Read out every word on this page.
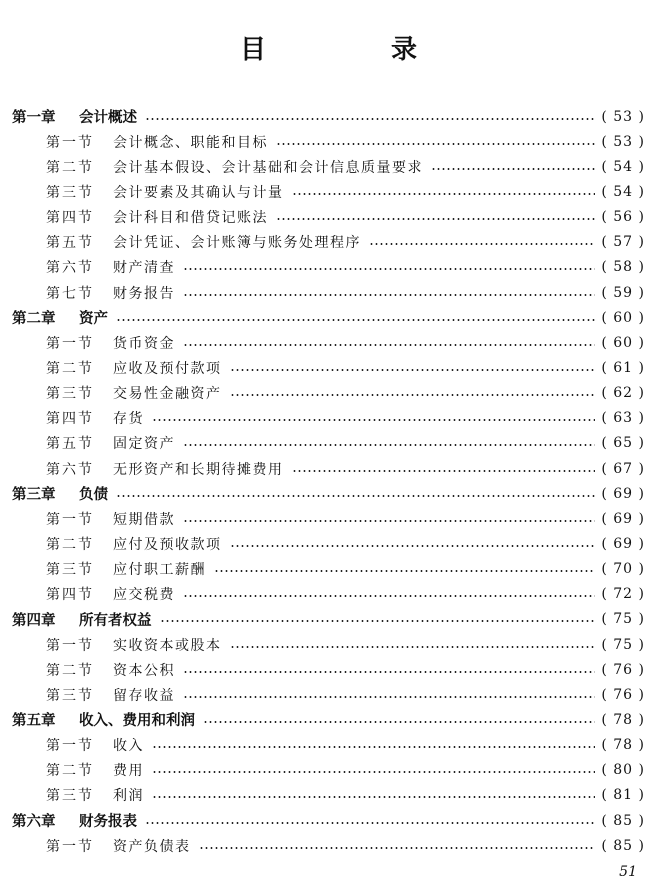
目 录
第一章	会计概述	( 53 )
第一节	会计概念、职能和目标	( 53 )
第二节	会计基本假设、会计基础和会计信息质量要求	( 54 )
第三节	会计要素及其确认与计量	( 54 )
第四节	会计科目和借贷记账法	( 56 )
第五节	会计凭证、会计账簿与账务处理程序	( 57 )
第六节	财产清查	( 58 )
第七节	财务报告	( 59 )
第二章	资产	( 60 )
第一节	货币资金	( 60 )
第二节	应收及预付款项	( 61 )
第三节	交易性金融资产	( 62 )
第四节	存货	( 63 )
第五节	固定资产	( 65 )
第六节	无形资产和长期待摊费用	( 67 )
第三章	负债	( 69 )
第一节	短期借款	( 69 )
第二节	应付及预收款项	( 69 )
第三节	应付职工薪酬	( 70 )
第四节	应交税费	( 72 )
第四章	所有者权益	( 75 )
第一节	实收资本或股本	( 75 )
第二节	资本公积	( 76 )
第三节	留存收益	( 76 )
第五章	收入、费用和利润	( 78 )
第一节	收入	( 78 )
第二节	费用	( 80 )
第三节	利润	( 81 )
第六章	财务报表	( 85 )
第一节	资产负债表	( 85 )
51
